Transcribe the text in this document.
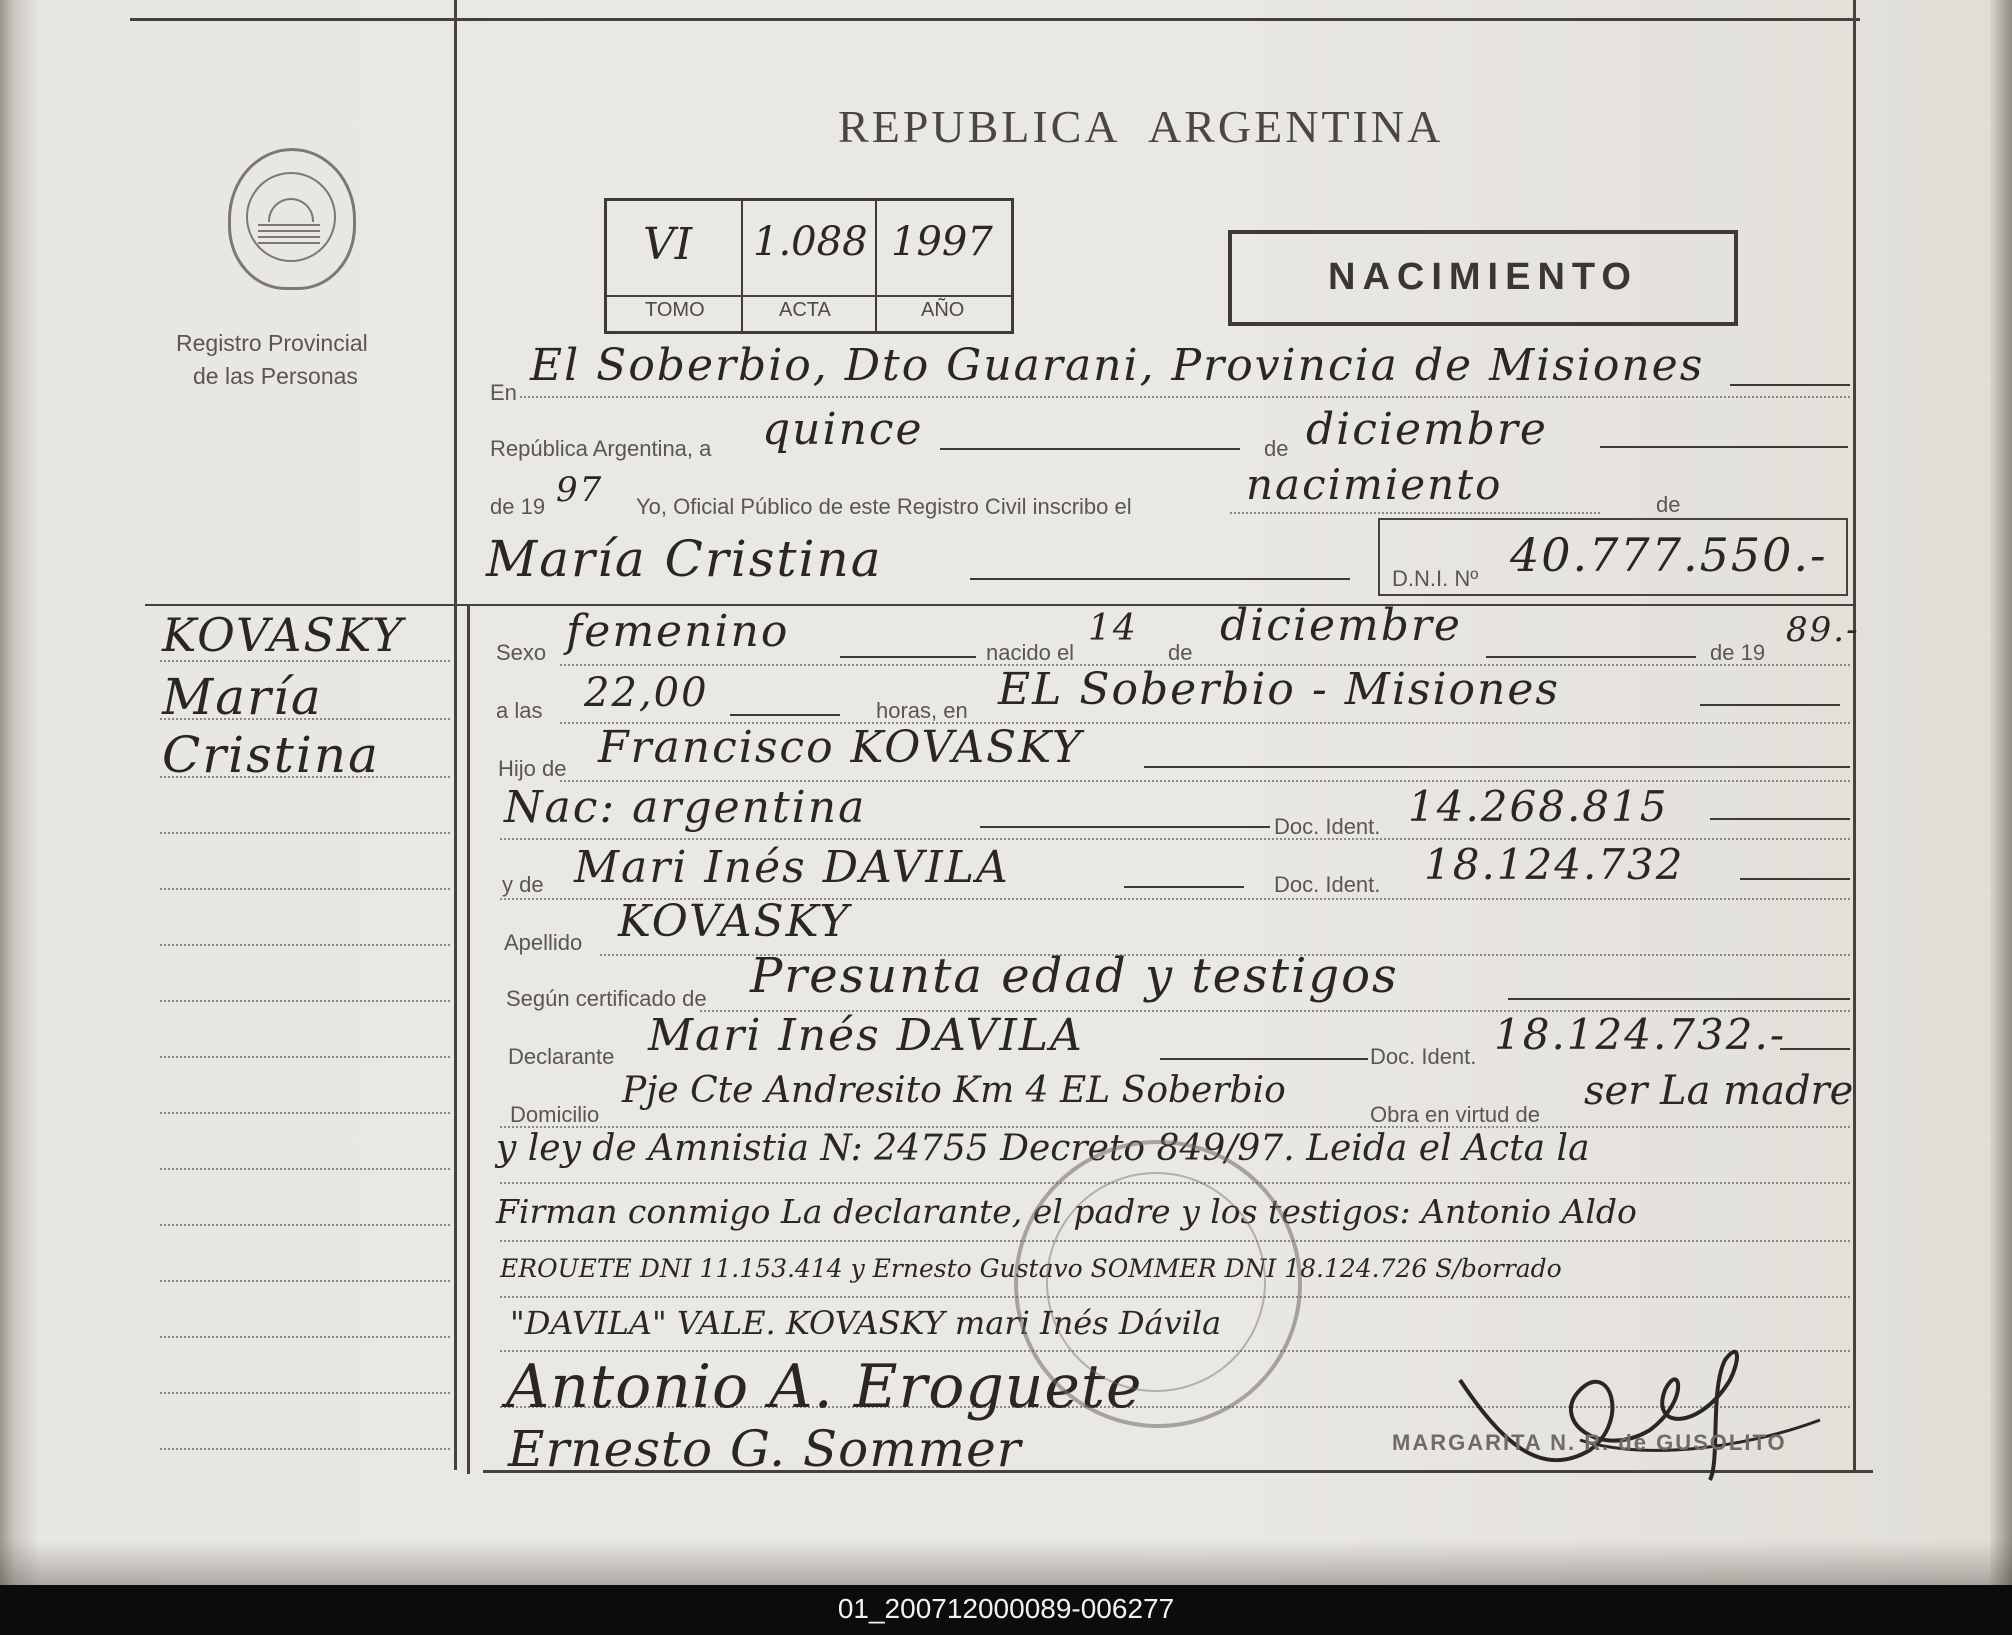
Registro Provincial
de las Personas
REPUBLICA ARGENTINA
VI 1.088 1997
TOMO	ACTA	AÑO
NACIMIENTO
En
El Soberbio, Dto Guarani, Provincia de Misiones
República Argentina, a quince	de diciembre
de 19 97 Yo, Oficial Público de este Registro Civil inscribo el	nacimiento	de
María Cristina	D.N.I. Nº 40.777.550.-
KOVASKY
María
Cristina
Sexo femenino	nacido el
14
de
diciembre
de 19
89.-
a las 22,00	horas, en EL Soberbio - Misiones
Hijo de Francisco KOVASKY
Nac: argentina	Doc. Ident. 14.268.815
y de Mari Inés DAVILA	Doc. Ident. 18.124.732
Apellido KOVASKY
Según certificado de Presunta edad y testigos
Declarante Mari Inés DAVILA	Doc. Ident. 18.124.732.-
Domicilio
Pje Cte Andresito Km 4 EL Soberbio
Obra en virtud de
ser La madre
y ley de Amnistia N: 24755 Decreto 849/97. Leida el Acta la
Firman conmigo La declarante, el padre y los testigos: Antonio Aldo
EROUETE DNI 11.153.414 y Ernesto Gustavo SOMMER DNI 18.124.726 S/borrado
"DAVILA" VALE. KOVASKY mari Inés Dávila
Antonio A. Eroguete
Ernesto G. Sommer	MARGARITA N. R. de GUSOLITO
01_200712000089-006277
